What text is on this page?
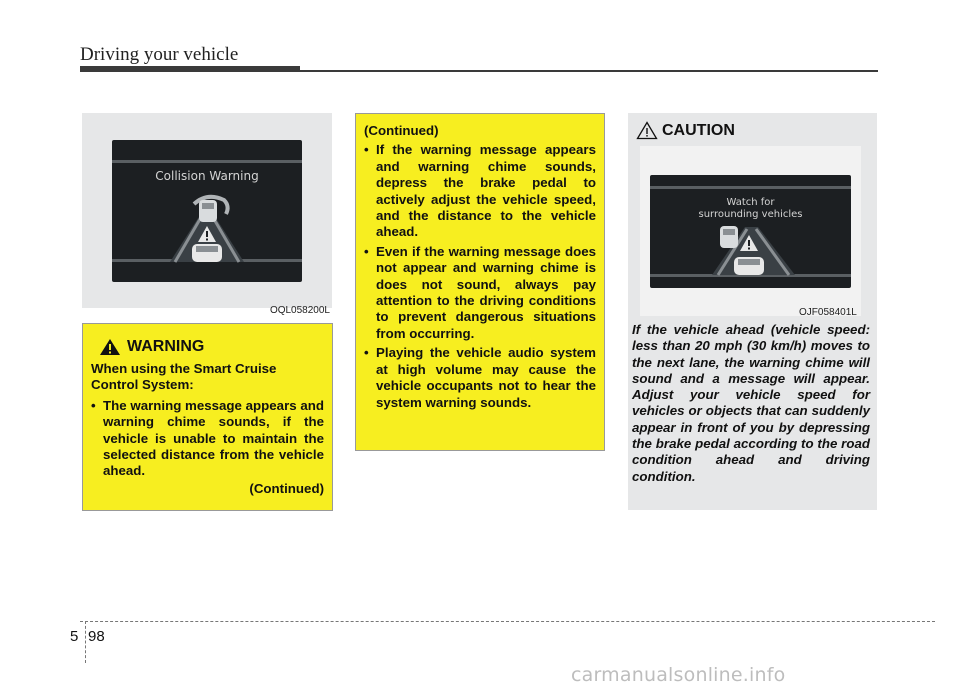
Driving your vehicle
Collision Warning
OQL058200L
WARNING
When using the Smart Cruise Control System:
• The warning message appears and warning chime sounds, if the vehicle is unable to maintain the selected distance from the vehicle ahead.
(Continued)
(Continued)
• If the warning message appears and warning chime sounds, depress the brake pedal to actively adjust the vehicle speed, and the distance to the vehicle ahead.
• Even if the warning message does not appear and warning chime is does not sound, always pay attention to the driving conditions to prevent dangerous situations from occurring.
• Playing the vehicle audio system at high volume may cause the vehicle occupants not to hear the system warning sounds.
CAUTION
Watch for
surrounding vehicles
OJF058401L
If the vehicle ahead (vehicle speed: less than 20 mph (30 km/h) moves to the next lane, the warning chime will sound and a message will appear. Adjust your vehicle speed for vehicles or objects that can suddenly appear in front of you by depressing the brake pedal according to the road condition ahead and driving condition.
5 98
carmanualsonline.info
